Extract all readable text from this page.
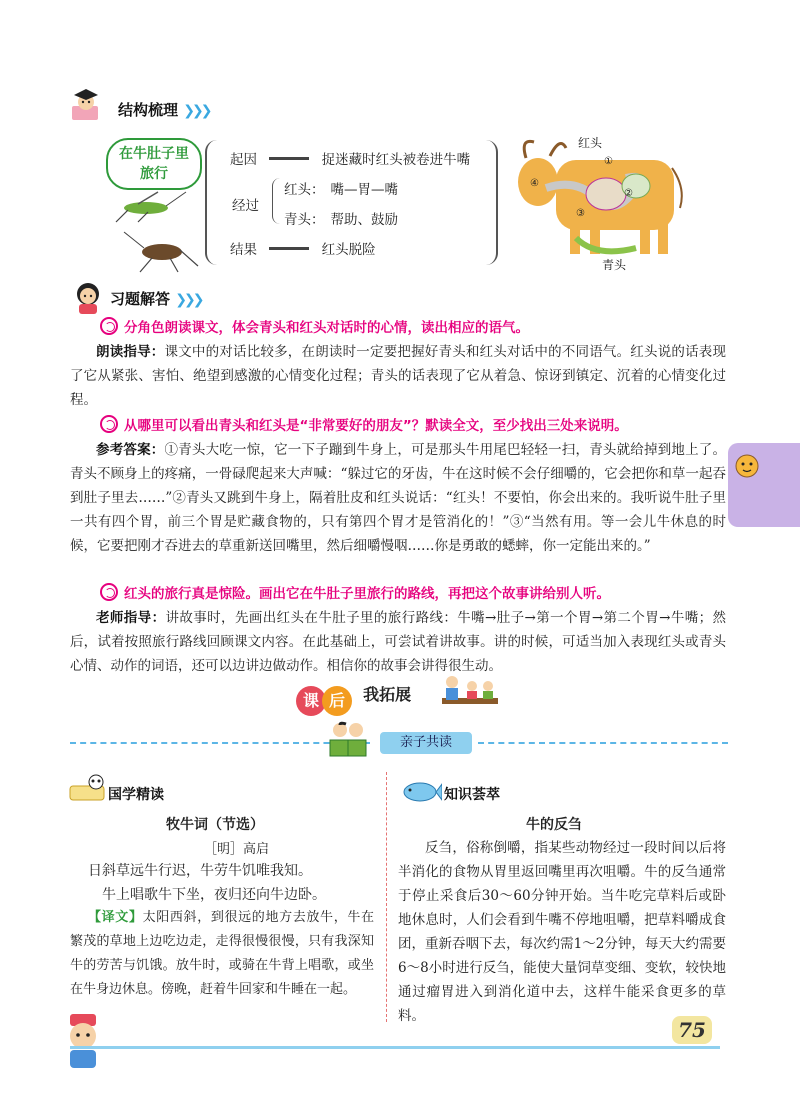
结构梳理 ❯❯❯
在牛肚子里旅行
起因	捉迷藏时红头被卷进牛嘴
经过
红头： 嘴—胃—嘴
青头： 帮助、鼓励
结果	红头脱险
红头
青头
①
②
③
④
习题解答 ❯❯❯
分角色朗读课文，体会青头和红头对话时的心情，读出相应的语气。
朗读指导：课文中的对话比较多，在朗读时一定要把握好青头和红头对话中的不同语气。红头说的话表现了它从紧张、害怕、绝望到感激的心情变化过程；青头的话表现了它从着急、惊讶到镇定、沉着的心情变化过程。
从哪里可以看出青头和红头是“非常要好的朋友”？默读全文，至少找出三处来说明。
参考答案：①青头大吃一惊，它一下子蹦到牛身上，可是那头牛用尾巴轻轻一扫，青头就给掉到地上了。青头不顾身上的疼痛，一骨碌爬起来大声喊：“躲过它的牙齿，牛在这时候不会仔细嚼的，它会把你和草一起吞到肚子里去……”②青头又跳到牛身上，隔着肚皮和红头说话：“红头！不要怕，你会出来的。我听说牛肚子里一共有四个胃，前三个胃是贮藏食物的，只有第四个胃才是管消化的！”③“当然有用。等一会儿牛休息的时候，它要把刚才吞进去的草重新送回嘴里，然后细嚼慢咽……你是勇敢的蟋蟀，你一定能出来的。”
红头的旅行真是惊险。画出它在牛肚子里旅行的路线，再把这个故事讲给别人听。
老师指导：讲故事时，先画出红头在牛肚子里的旅行路线：牛嘴→肚子→第一个胃→第二个胃→牛嘴；然后，试着按照旅行路线回顾课文内容。在此基础上，可尝试着讲故事。讲的时候，可适当加入表现红头或青头心情、动作的词语，还可以边讲边做动作。相信你的故事会讲得很生动。
课 后 我拓展
亲子共读
国学精读
牧牛词（节选）
［明］高启
日斜草远牛行迟，牛劳牛饥唯我知。
牛上唱歌牛下坐，夜归还向牛边卧。
【译文】太阳西斜，到很远的地方去放牛，牛在繁茂的草地上边吃边走，走得很慢很慢，只有我深知牛的劳苦与饥饿。放牛时，或骑在牛背上唱歌，或坐在牛身边休息。傍晚，赶着牛回家和牛睡在一起。
知识荟萃
牛的反刍
反刍，俗称倒嚼，指某些动物经过一段时间以后将半消化的食物从胃里返回嘴里再次咀嚼。牛的反刍通常于停止采食后30～60分钟开始。当牛吃完草料后或卧地休息时，人们会看到牛嘴不停地咀嚼，把草料嚼成食团，重新吞咽下去，每次约需1～2分钟，每天大约需要6～8小时进行反刍，能使大量饲草变细、变软，较快地通过瘤胃进入到消化道中去，这样牛能采食更多的草料。
75
